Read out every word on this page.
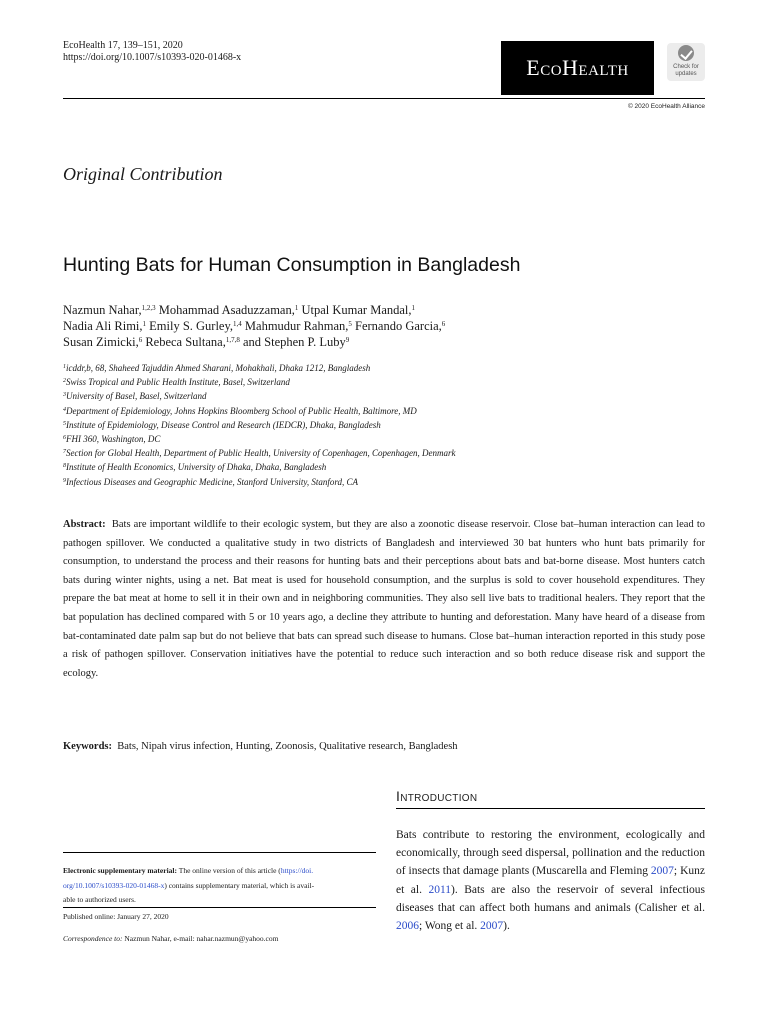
EcoHealth 17, 139–151, 2020
https://doi.org/10.1007/s10393-020-01468-x	EcoHealth	Check for updates
© 2020 EcoHealth Alliance
Original Contribution
Hunting Bats for Human Consumption in Bangladesh
Nazmun Nahar,$^{1,2,3}$ Mohammad Asaduzzaman,$^1$ Utpal Kumar Mandal,$^1$
Nadia Ali Rimi,$^1$ Emily S. Gurley,$^{1,4}$ Mahmudur Rahman,$^5$ Fernando Garcia,$^6$
Susan Zimicki,$^6$ Rebeca Sultana,$^{1,7,8}$ and Stephen P. Luby$^9$
$^1$icddr,b, 68, Shaheed Tajuddin Ahmed Sharani, Mohakhali, Dhaka 1212, Bangladesh
$^2$Swiss Tropical and Public Health Institute, Basel, Switzerland
$^3$University of Basel, Basel, Switzerland
$^4$Department of Epidemiology, Johns Hopkins Bloomberg School of Public Health, Baltimore, MD
$^5$Institute of Epidemiology, Disease Control and Research (IEDCR), Dhaka, Bangladesh
$^6$FHI 360, Washington, DC
$^7$Section for Global Health, Department of Public Health, University of Copenhagen, Copenhagen, Denmark
$^8$Institute of Health Economics, University of Dhaka, Dhaka, Bangladesh
$^9$Infectious Diseases and Geographic Medicine, Stanford University, Stanford, CA
Abstract: Bats are important wildlife to their ecologic system, but they are also a zoonotic disease reservoir. Close bat–human interaction can lead to pathogen spillover. We conducted a qualitative study in two districts of Bangladesh and interviewed 30 bat hunters who hunt bats primarily for consumption, to understand the process and their reasons for hunting bats and their perceptions about bats and bat-borne disease. Most hunters catch bats during winter nights, using a net. Bat meat is used for household consumption, and the surplus is sold to cover household expenditures. They prepare the bat meat at home to sell it in their own and in neighboring communities. They also sell live bats to traditional healers. They report that the bat population has declined compared with 5 or 10 years ago, a decline they attribute to hunting and deforestation. Many have heard of a disease from bat-contaminated date palm sap but do not believe that bats can spread such disease to humans. Close bat–human interaction reported in this study pose a risk of pathogen spillover. Conservation initiatives have the potential to reduce such interaction and so both reduce disease risk and support the ecology.
Keywords: Bats, Nipah virus infection, Hunting, Zoonosis, Qualitative research, Bangladesh
Introduction
Bats contribute to restoring the environment, ecologically and economically, through seed dispersal, pollination and the reduction of insects that damage plants (Muscarella and Fleming 2007; Kunz et al. 2011). Bats are also the reservoir of several infectious diseases that can affect both humans and animals (Calisher et al. 2006; Wong et al. 2007).
Electronic supplementary material: The online version of this article (https://doi.
org/10.1007/s10393-020-01468-x) contains supplementary material, which is avail-
able to authorized users.
Published online: January 27, 2020
Correspondence to: Nazmun Nahar, e-mail: nahar.nazmun@yahoo.com
